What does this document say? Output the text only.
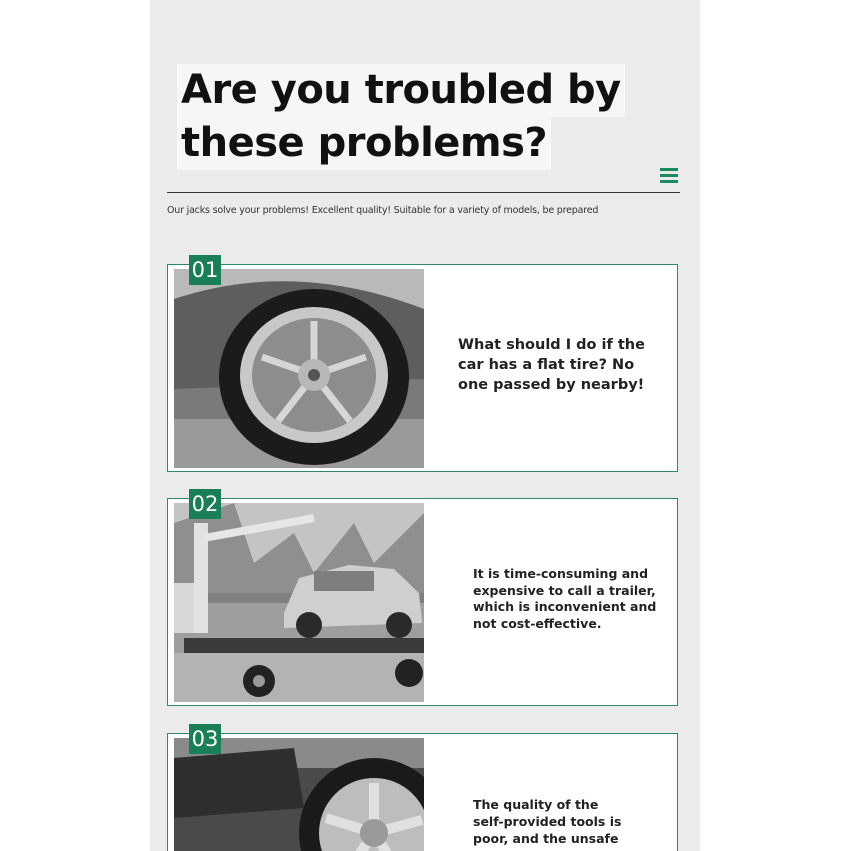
Are you troubled by
these problems?
Our jacks solve your problems! Excellent quality! Suitable for a variety of models, be prepared
01
What should I do if the car has a flat tire? No one passed by nearby!
02
It is time-consuming and expensive to call a trailer, which is inconvenient and not cost-effective.
03
The quality of the self-provided tools is poor, and the unsafe
